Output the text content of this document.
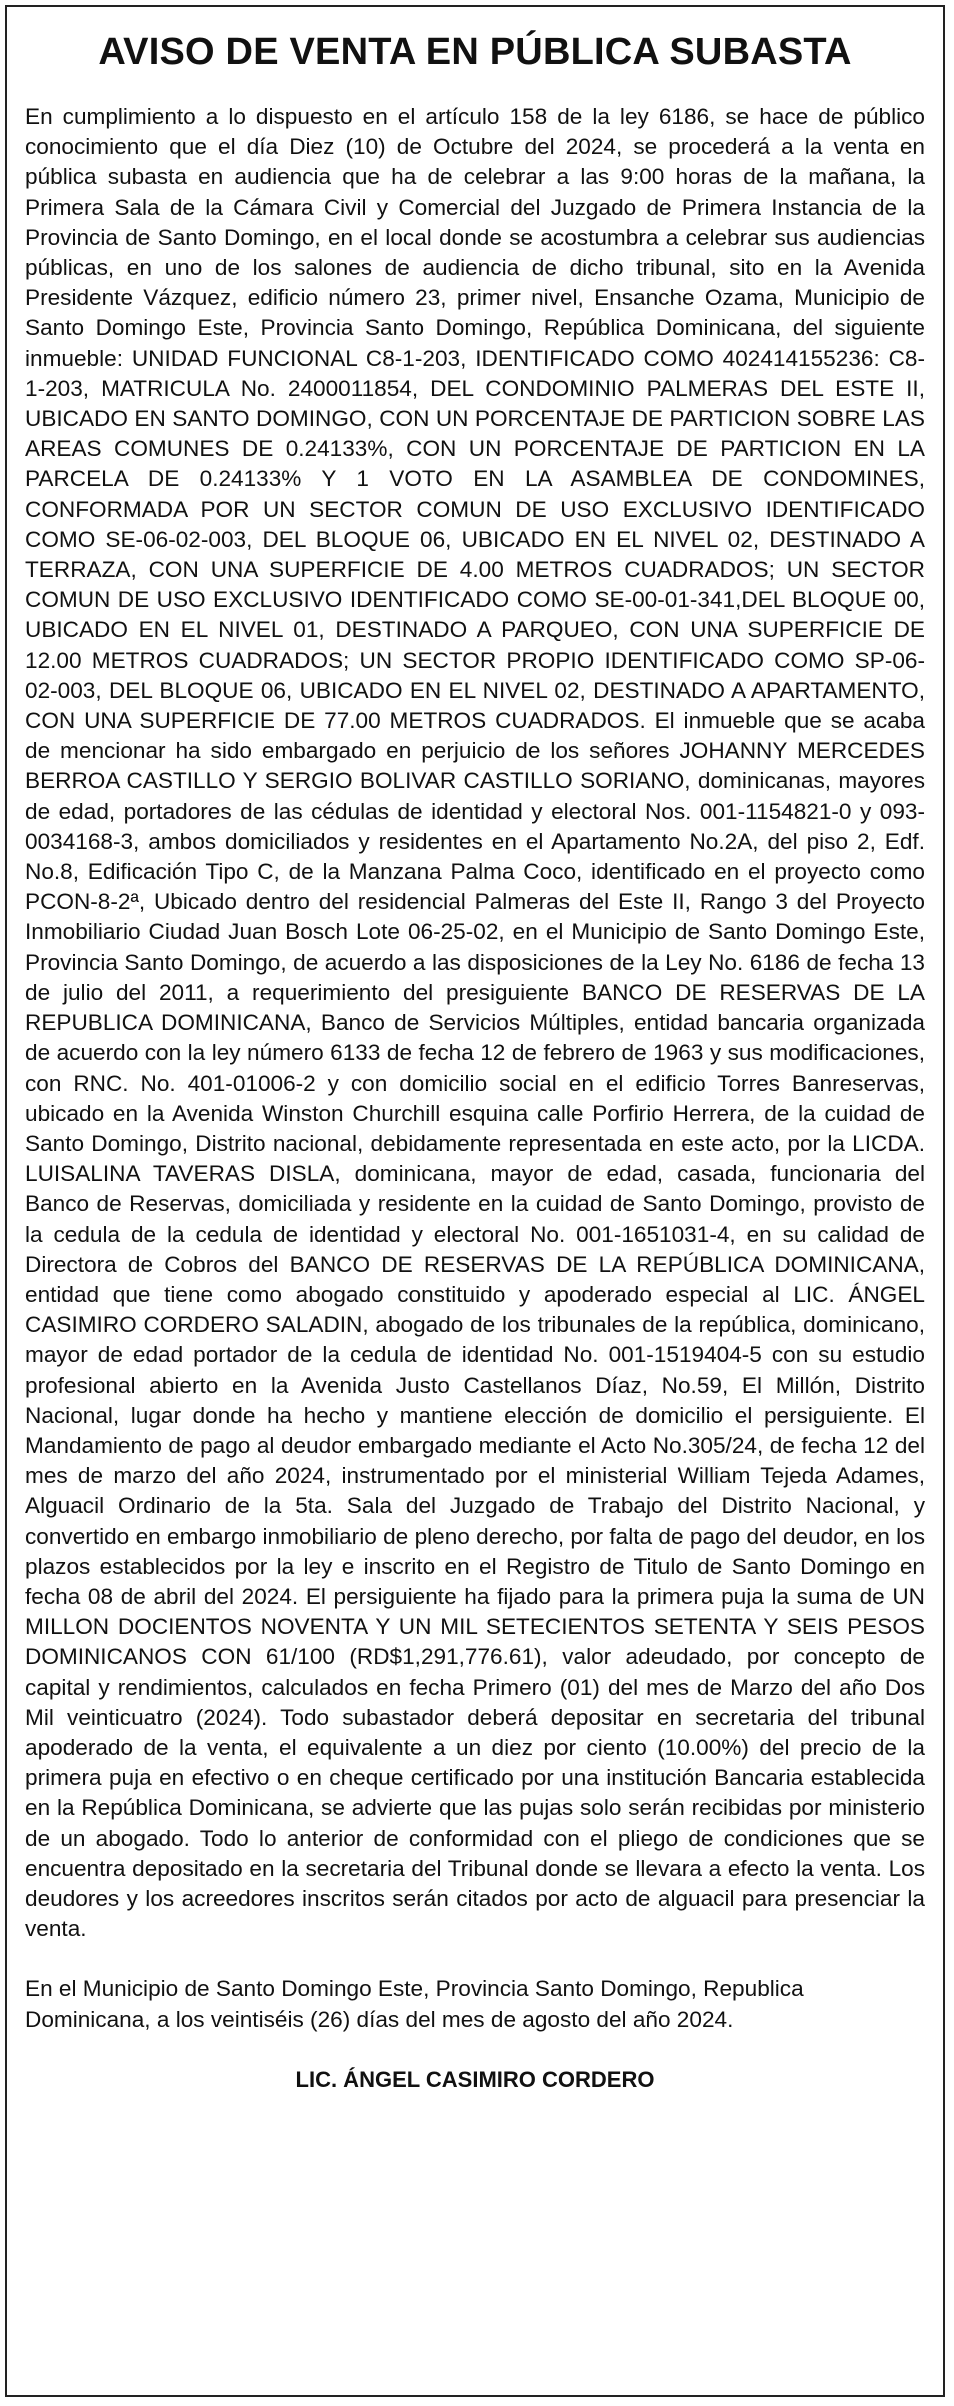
AVISO DE VENTA EN PÚBLICA SUBASTA
En cumplimiento a lo dispuesto en el artículo 158 de la ley 6186, se hace de público conocimiento que el día Diez (10) de Octubre del 2024, se procederá a la venta en pública subasta en audiencia que ha de celebrar a las 9:00 horas de la mañana, la Primera Sala de la Cámara Civil y Comercial del Juzgado de Primera Instancia de la Provincia de Santo Domingo, en el local donde se acostumbra a celebrar sus audiencias públicas, en uno de los salones de audiencia de dicho tribunal, sito en la Avenida Presidente Vázquez, edificio número 23, primer nivel, Ensanche Ozama, Municipio de Santo Domingo Este, Provincia Santo Domingo, República Dominicana, del siguiente inmueble: UNIDAD FUNCIONAL C8-1-203, IDENTIFICADO COMO 402414155236: C8-1-203, MATRICULA No. 2400011854, DEL CONDOMINIO PALMERAS DEL ESTE II, UBICADO EN SANTO DOMINGO, CON UN PORCENTAJE DE PARTICION SOBRE LAS AREAS COMUNES DE 0.24133%, CON UN PORCENTAJE DE PARTICION EN LA PARCELA DE 0.24133% Y 1 VOTO EN LA ASAMBLEA DE CONDOMINES, CONFORMADA POR UN SECTOR COMUN DE USO EXCLUSIVO IDENTIFICADO COMO SE-06-02-003, DEL BLOQUE 06, UBICADO EN EL NIVEL 02, DESTINADO A TERRAZA, CON UNA SUPERFICIE DE 4.00 METROS CUADRADOS; UN SECTOR COMUN DE USO EXCLUSIVO IDENTIFICADO COMO SE-00-01-341,DEL BLOQUE 00, UBICADO EN EL NIVEL 01, DESTINADO A PARQUEO, CON UNA SUPERFICIE DE 12.00 METROS CUADRADOS; UN SECTOR PROPIO IDENTIFICADO COMO SP-06-02-003, DEL BLOQUE 06, UBICADO EN EL NIVEL 02, DESTINADO A APARTAMENTO, CON UNA SUPERFICIE DE 77.00 METROS CUADRADOS. El inmueble que se acaba de mencionar ha sido embargado en perjuicio de los señores JOHANNY MERCEDES BERROA CASTILLO Y SERGIO BOLIVAR CASTILLO SORIANO, dominicanas, mayores de edad, portadores de las cédulas de identidad y electoral Nos. 001-1154821-0 y 093-0034168-3, ambos domiciliados y residentes en el Apartamento No.2A, del piso 2, Edf. No.8, Edificación Tipo C, de la Manzana Palma Coco, identificado en el proyecto como PCON-8-2ª, Ubicado dentro del residencial Palmeras del Este II, Rango 3 del Proyecto Inmobiliario Ciudad Juan Bosch Lote 06-25-02, en el Municipio de Santo Domingo Este, Provincia Santo Domingo, de acuerdo a las disposiciones de la Ley No. 6186 de fecha 13 de julio del 2011, a requerimiento del presiguiente BANCO DE RESERVAS DE LA REPUBLICA DOMINICANA, Banco de Servicios Múltiples, entidad bancaria organizada de acuerdo con la ley número 6133 de fecha 12 de febrero de 1963 y sus modificaciones, con RNC. No. 401-01006-2 y con domicilio social en el edificio Torres Banreservas, ubicado en la Avenida Winston Churchill esquina calle Porfirio Herrera, de la cuidad de Santo Domingo, Distrito nacional, debidamente representada en este acto, por la LICDA. LUISALINA TAVERAS DISLA, dominicana, mayor de edad, casada, funcionaria del Banco de Reservas, domiciliada y residente en la cuidad de Santo Domingo, provisto de la cedula de la cedula de identidad y electoral No. 001-1651031-4, en su calidad de Directora de Cobros del BANCO DE RESERVAS DE LA REPÚBLICA DOMINICANA, entidad que tiene como abogado constituido y apoderado especial al LIC. ÁNGEL CASIMIRO CORDERO SALADIN, abogado de los tribunales de la república, dominicano, mayor de edad portador de la cedula de identidad No. 001-1519404-5 con su estudio profesional abierto en la Avenida Justo Castellanos Díaz, No.59, El Millón, Distrito Nacional, lugar donde ha hecho y mantiene elección de domicilio el persiguiente. El Mandamiento de pago al deudor embargado mediante el Acto No.305/24, de fecha 12 del mes de marzo del año 2024, instrumentado por el ministerial William Tejeda Adames, Alguacil Ordinario de la 5ta. Sala del Juzgado de Trabajo del Distrito Nacional, y convertido en embargo inmobiliario de pleno derecho, por falta de pago del deudor, en los plazos establecidos por la ley e inscrito en el Registro de Titulo de Santo Domingo en fecha 08 de abril del 2024. El persiguiente ha fijado para la primera puja la suma de UN MILLON DOCIENTOS NOVENTA Y UN MIL SETECIENTOS SETENTA Y SEIS PESOS DOMINICANOS CON 61/100 (RD$1,291,776.61), valor adeudado, por concepto de capital y rendimientos, calculados en fecha Primero (01) del mes de Marzo del año Dos Mil veinticuatro (2024). Todo subastador deberá depositar en secretaria del tribunal apoderado de la venta, el equivalente a un diez por ciento (10.00%) del precio de la primera puja en efectivo o en cheque certificado por una institución Bancaria establecida en la República Dominicana, se advierte que las pujas solo serán recibidas por ministerio de un abogado. Todo lo anterior de conformidad con el pliego de condiciones que se encuentra depositado en la secretaria del Tribunal donde se llevara a efecto la venta. Los deudores y los acreedores inscritos serán citados por acto de alguacil para presenciar la venta.
En el Municipio de Santo Domingo Este, Provincia Santo Domingo, Republica Dominicana, a los veintiséis (26) días del mes de agosto del año 2024.
LIC. ÁNGEL CASIMIRO CORDERO
